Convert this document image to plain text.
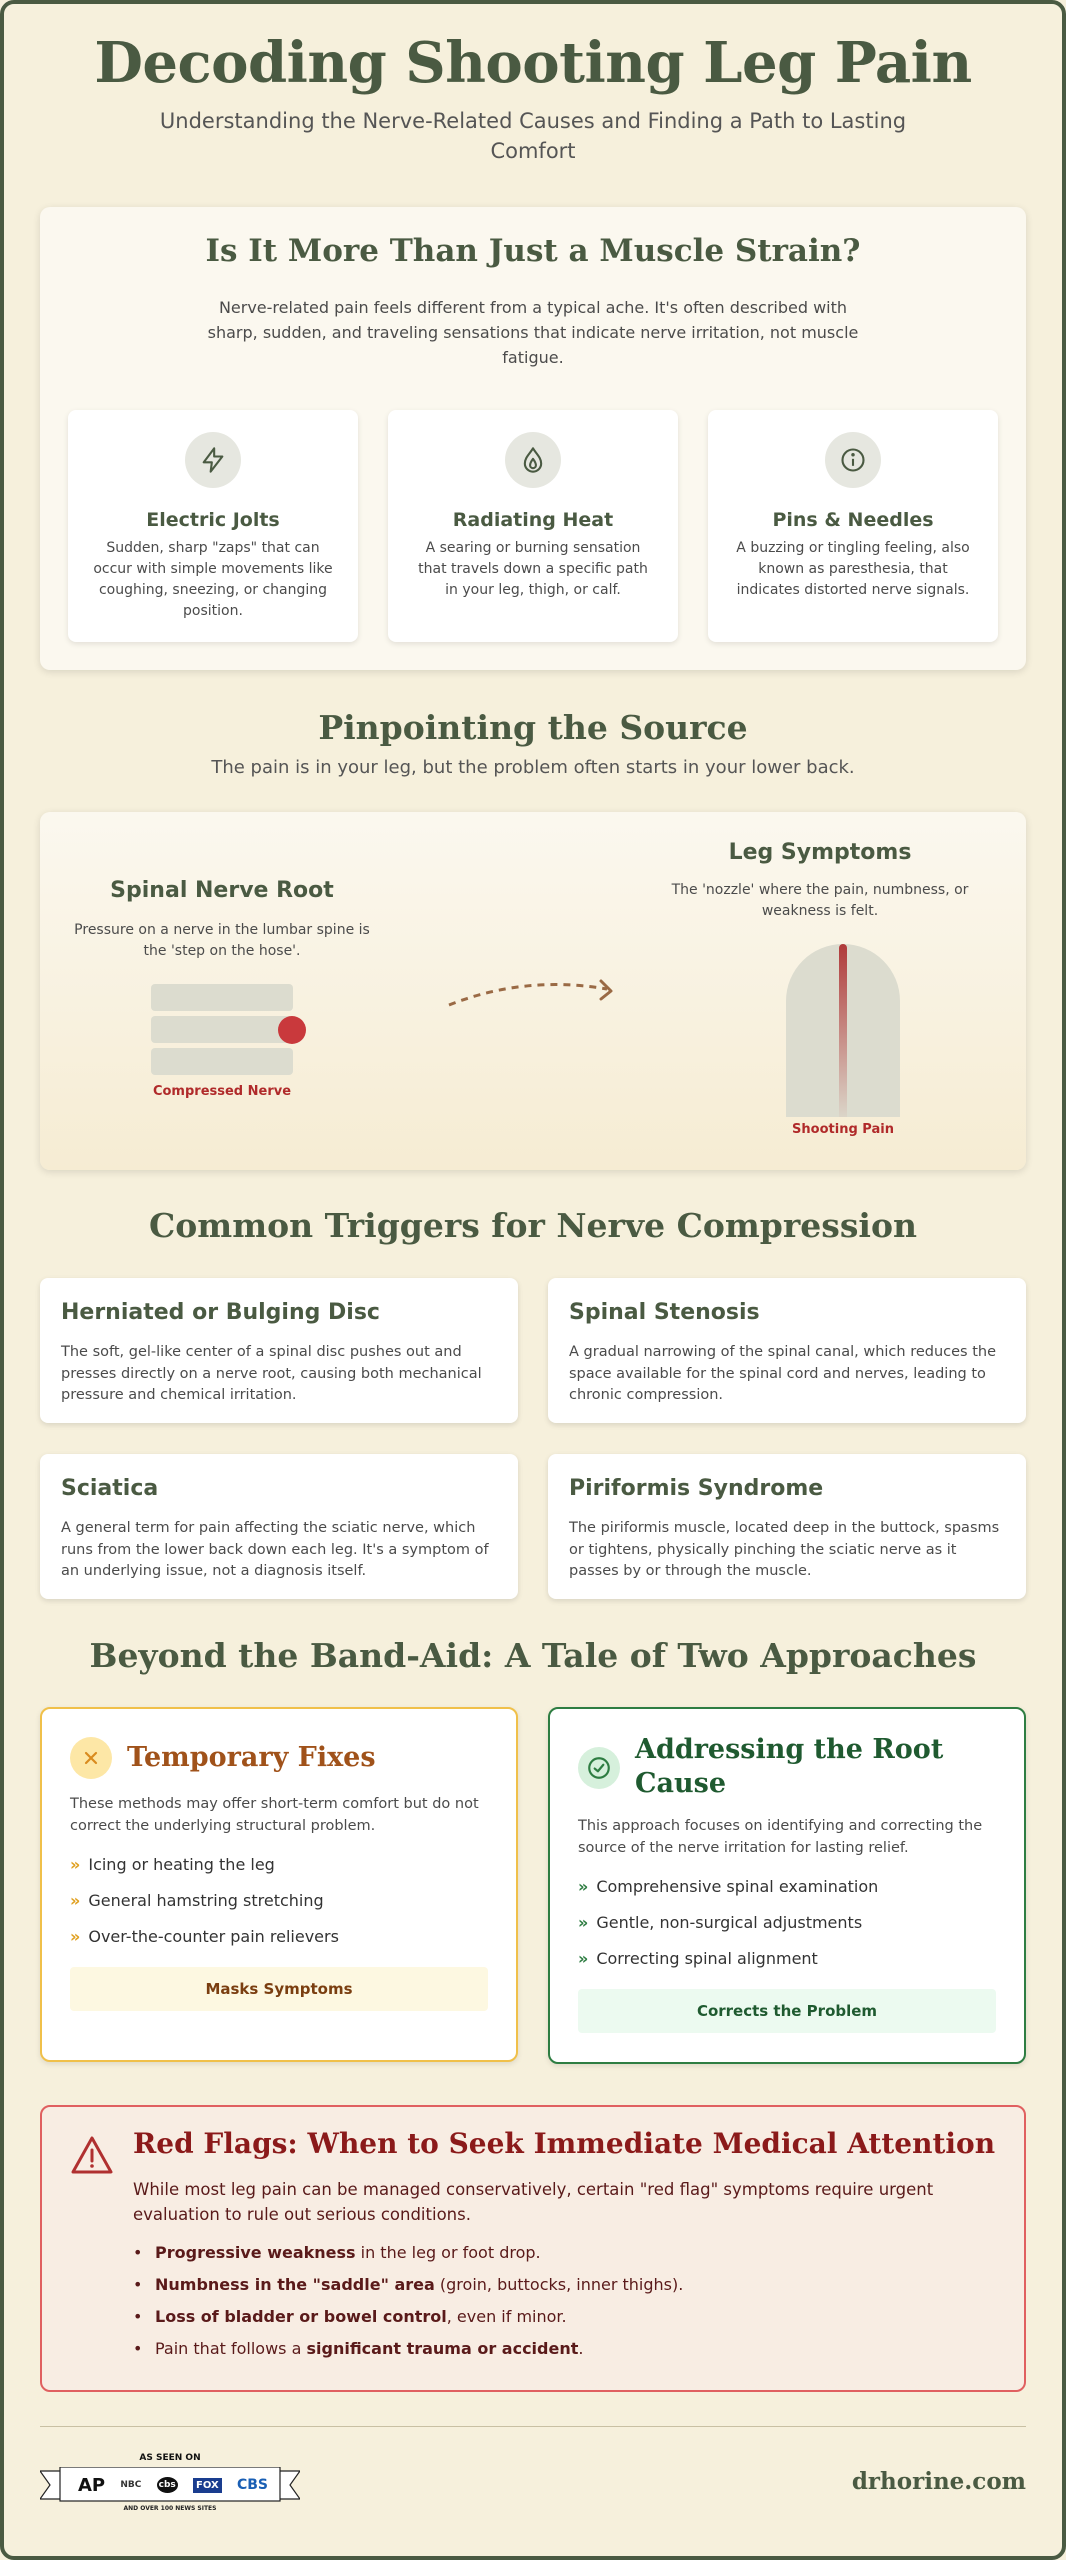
Decoding Shooting Leg Pain
Understanding the Nerve-Related Causes and Finding a Path to Lasting Comfort
Is It More Than Just a Muscle Strain?
Nerve-related pain feels different from a typical ache. It's often described with sharp, sudden, and traveling sensations that indicate nerve irritation, not muscle fatigue.
Electric Jolts
Sudden, sharp "zaps" that can occur with simple movements like coughing, sneezing, or changing position.
Radiating Heat
A searing or burning sensation that travels down a specific path in your leg, thigh, or calf.
Pins & Needles
A buzzing or tingling feeling, also known as paresthesia, that indicates distorted nerve signals.
Pinpointing the Source
The pain is in your leg, but the problem often starts in your lower back.
Spinal Nerve Root
Pressure on a nerve in the lumbar spine is the 'step on the hose'.
Compressed Nerve
Leg Symptoms
The 'nozzle' where the pain, numbness, or weakness is felt.
Shooting Pain
Common Triggers for Nerve Compression
Herniated or Bulging Disc
The soft, gel-like center of a spinal disc pushes out and presses directly on a nerve root, causing both mechanical pressure and chemical irritation.
Spinal Stenosis
A gradual narrowing of the spinal canal, which reduces the space available for the spinal cord and nerves, leading to chronic compression.
Sciatica
A general term for pain affecting the sciatic nerve, which runs from the lower back down each leg. It's a symptom of an underlying issue, not a diagnosis itself.
Piriformis Syndrome
The piriformis muscle, located deep in the buttock, spasms or tightens, physically pinching the sciatic nerve as it passes by or through the muscle.
Beyond the Band-Aid: A Tale of Two Approaches
Temporary Fixes
These methods may offer short-term comfort but do not correct the underlying structural problem.
» Icing or heating the leg
» General hamstring stretching
» Over-the-counter pain relievers
Masks Symptoms
Addressing the Root
Cause
This approach focuses on identifying and correcting the source of the nerve irritation for lasting relief.
» Comprehensive spinal examination
» Gentle, non-surgical adjustments
» Correcting spinal alignment
Corrects the Problem
Red Flags: When to Seek Immediate Medical Attention
While most leg pain can be managed conservatively, certain "red flag" symptoms require urgent evaluation to rule out serious conditions.
• Progressive weakness in the leg or foot drop.
• Numbness in the "saddle" area (groin, buttocks, inner thighs).
• Loss of bladder or bowel control, even if minor.
• Pain that follows a significant trauma or accident.
AS SEEN ON
AP NBC cbs	FOX CBS
AND OVER 100 NEWS SITES
drhorine.com
